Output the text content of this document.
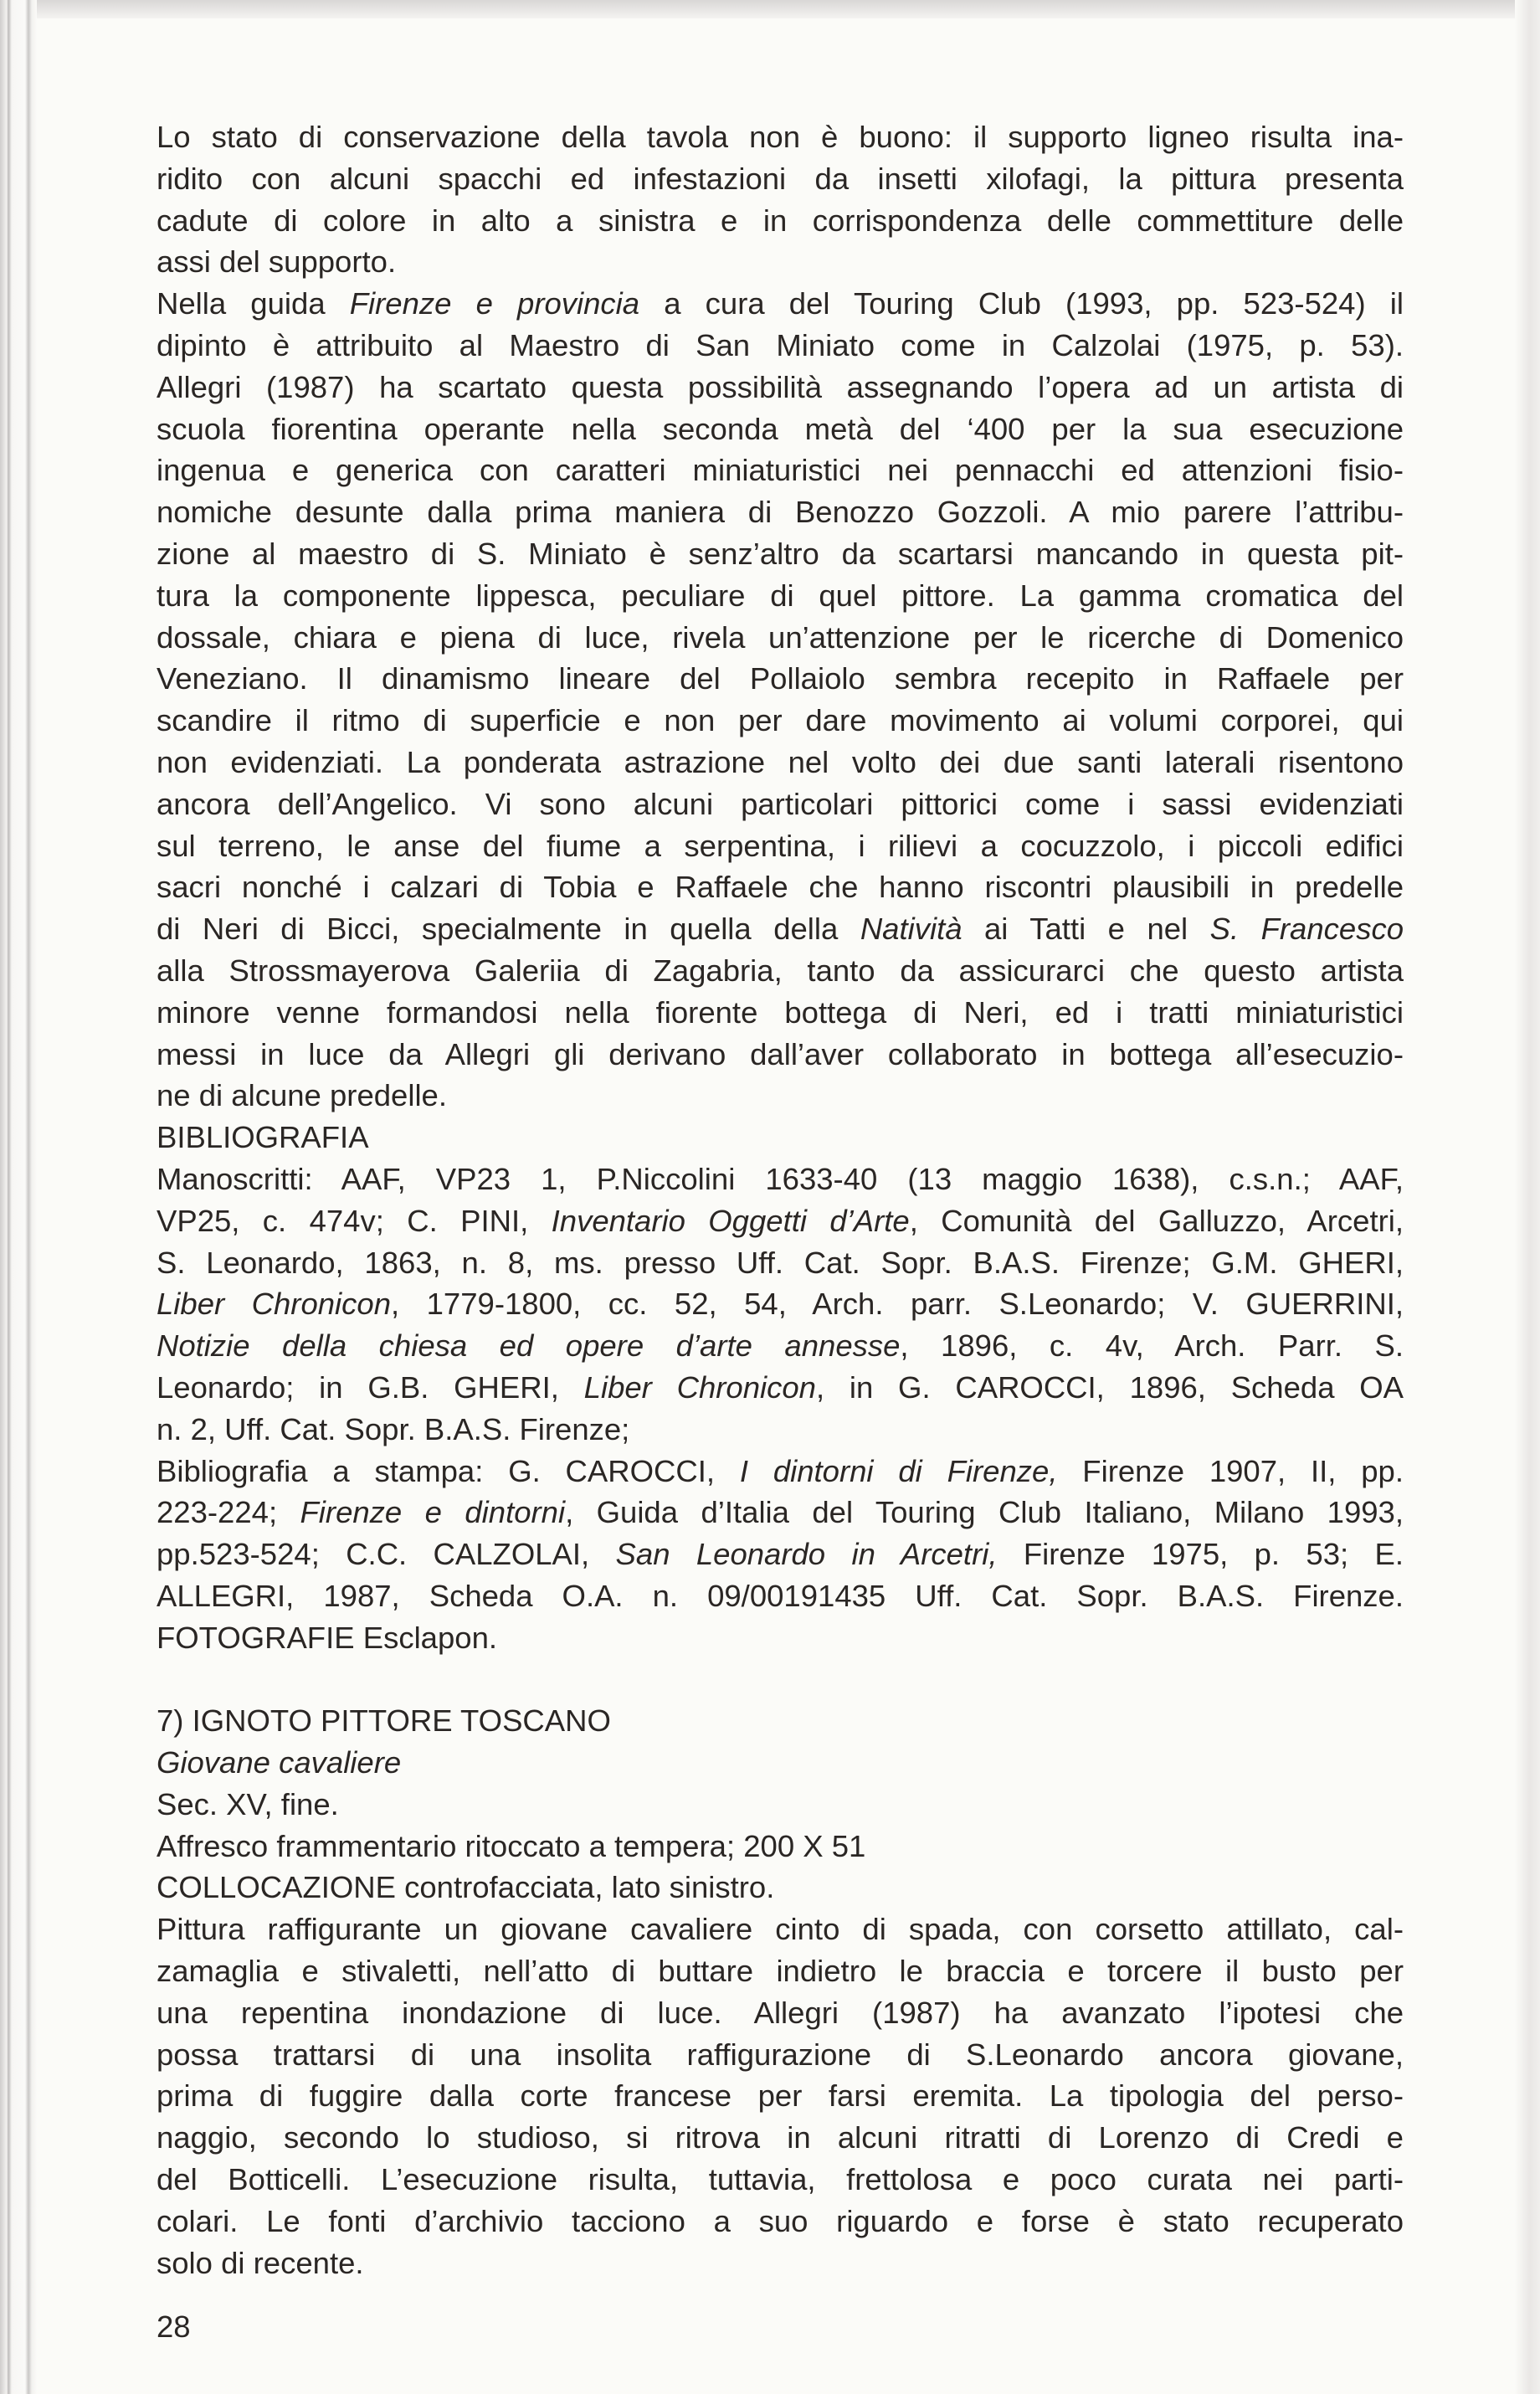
Lo stato di conservazione della tavola non è buono: il supporto ligneo risulta ina-
ridito con alcuni spacchi ed infestazioni da insetti xilofagi, la pittura presenta
cadute di colore in alto a sinistra e in corrispondenza delle commettiture delle
assi del supporto.
Nella guida Firenze e provincia a cura del Touring Club (1993, pp. 523-524) il
dipinto è attribuito al Maestro di San Miniato come in Calzolai (1975, p. 53).
Allegri (1987) ha scartato questa possibilità assegnando l’opera ad un artista di
scuola fiorentina operante nella seconda metà del ‘400 per la sua esecuzione
ingenua e generica con caratteri miniaturistici nei pennacchi ed attenzioni fisio-
nomiche desunte dalla prima maniera di Benozzo Gozzoli. A mio parere l’attribu-
zione al maestro di S. Miniato è senz’altro da scartarsi mancando in questa pit-
tura la componente lippesca, peculiare di quel pittore. La gamma cromatica del
dossale, chiara e piena di luce, rivela un’attenzione per le ricerche di Domenico
Veneziano. Il dinamismo lineare del Pollaiolo sembra recepito in Raffaele per
scandire il ritmo di superficie e non per dare movimento ai volumi corporei, qui
non evidenziati. La ponderata astrazione nel volto dei due santi laterali risentono
ancora dell’Angelico. Vi sono alcuni particolari pittorici come i sassi evidenziati
sul terreno, le anse del fiume a serpentina, i rilievi a cocuzzolo, i piccoli edifici
sacri nonché i calzari di Tobia e Raffaele che hanno riscontri plausibili in predelle
di Neri di Bicci, specialmente in quella della Natività ai Tatti e nel S. Francesco
alla Strossmayerova Galeriia di Zagabria, tanto da assicurarci che questo artista
minore venne formandosi nella fiorente bottega di Neri, ed i tratti miniaturistici
messi in luce da Allegri gli derivano dall’aver collaborato in bottega all’esecuzio-
ne di alcune predelle.
BIBLIOGRAFIA
Manoscritti: AAF, VP23 1, P.Niccolini 1633-40 (13 maggio 1638), c.s.n.; AAF,
VP25, c. 474v; C. PINI, Inventario Oggetti d’Arte, Comunità del Galluzzo, Arcetri,
S. Leonardo, 1863, n. 8, ms. presso Uff. Cat. Sopr. B.A.S. Firenze; G.M. GHERI,
Liber Chronicon, 1779-1800, cc. 52, 54, Arch. parr. S.Leonardo; V. GUERRINI,
Notizie della chiesa ed opere d’arte annesse, 1896, c. 4v, Arch. Parr. S.
Leonardo; in G.B. GHERI, Liber Chronicon, in G. CAROCCI, 1896, Scheda OA
n. 2, Uff. Cat. Sopr. B.A.S. Firenze;
Bibliografia a stampa: G. CAROCCI, I dintorni di Firenze, Firenze 1907, II, pp.
223-224; Firenze e dintorni, Guida d’Italia del Touring Club Italiano, Milano 1993,
pp.523-524; C.C. CALZOLAI, San Leonardo in Arcetri, Firenze 1975, p. 53; E.
ALLEGRI, 1987, Scheda O.A. n. 09/00191435 Uff. Cat. Sopr. B.A.S. Firenze.
FOTOGRAFIE Esclapon.

7) IGNOTO PITTORE TOSCANO
Giovane cavaliere
Sec. XV, fine.
Affresco frammentario ritoccato a tempera; 200 X 51
COLLOCAZIONE controfacciata, lato sinistro.
Pittura raffigurante un giovane cavaliere cinto di spada, con corsetto attillato, cal-
zamaglia e stivaletti, nell’atto di buttare indietro le braccia e torcere il busto per
una repentina inondazione di luce. Allegri (1987) ha avanzato l’ipotesi che
possa trattarsi di una insolita raffigurazione di S.Leonardo ancora giovane,
prima di fuggire dalla corte francese per farsi eremita. La tipologia del perso-
naggio, secondo lo studioso, si ritrova in alcuni ritratti di Lorenzo di Credi e
del Botticelli. L’esecuzione risulta, tuttavia, frettolosa e poco curata nei parti-
colari. Le fonti d’archivio tacciono a suo riguardo e forse è stato recuperato
solo di recente.
28
